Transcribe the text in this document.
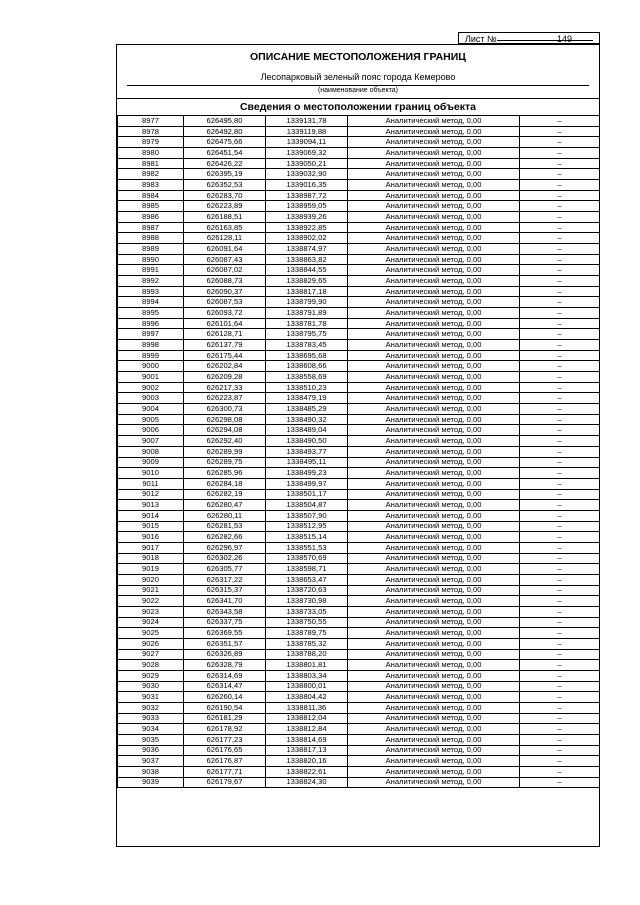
Лист №	149
ОПИСАНИЕ МЕСТОПОЛОЖЕНИЯ ГРАНИЦ
Лесопарковый зеленый пояс города Кемерово
(наименование объекта)
Сведения о местоположении границ объекта
8977	626495,80	1339131,78	Аналитический метод, 0,00	–
8978	626492,80	1339119,88	Аналитический метод, 0,00	–
8979	626475,66	1339094,11	Аналитический метод, 0,00	–
8980	626451,54	1339069,32	Аналитический метод, 0,00	–
8981	626426,22	1339050,21	Аналитический метод, 0,00	–
8982	626395,19	1339032,90	Аналитический метод, 0,00	–
8983	626352,53	1339016,35	Аналитический метод, 0,00	–
8984	626283,70	1338987,72	Аналитический метод, 0,00	–
8985	626223,89	1338959,05	Аналитический метод, 0,00	–
8986	626188,51	1338939,26	Аналитический метод, 0,00	–
8987	626163,85	1338922,85	Аналитический метод, 0,00	–
8988	626128,11	1338902,02	Аналитический метод, 0,00	–
8989	626091,64	1338874,97	Аналитический метод, 0,00	–
8990	626087,43	1338863,82	Аналитический метод, 0,00	–
8991	626087,02	1338844,55	Аналитический метод, 0,00	–
8992	626088,73	1338829,65	Аналитический метод, 0,00	–
8993	626090,37	1338817,18	Аналитический метод, 0,00	–
8994	626087,53	1338799,90	Аналитический метод, 0,00	–
8995	626093,72	1338791,89	Аналитический метод, 0,00	–
8996	626101,64	1338781,78	Аналитический метод, 0,00	–
8997	626128,71	1338795,75	Аналитический метод, 0,00	–
8998	626137,79	1338783,45	Аналитический метод, 0,00	–
8999	626175,44	1338695,68	Аналитический метод, 0,00	–
9000	626202,84	1338608,66	Аналитический метод, 0,00	–
9001	626209,28	1338558,69	Аналитический метод, 0,00	–
9002	626217,33	1338510,23	Аналитический метод, 0,00	–
9003	626223,87	1338479,19	Аналитический метод, 0,00	–
9004	626300,73	1338485,29	Аналитический метод, 0,00	–
9005	626298,08	1338490,32	Аналитический метод, 0,00	–
9006	626294,08	1338489,04	Аналитический метод, 0,00	–
9007	626292,40	1338490,50	Аналитический метод, 0,00	–
9008	626289,99	1338493,77	Аналитический метод, 0,00	–
9009	626289,75	1338495,11	Аналитический метод, 0,00	–
9010	626285,96	1338499,23	Аналитический метод, 0,00	–
9011	626284,18	1338499,97	Аналитический метод, 0,00	–
9012	626282,19	1338501,17	Аналитический метод, 0,00	–
9013	626280,47	1338504,87	Аналитический метод, 0,00	–
9014	626280,11	1338507,90	Аналитический метод, 0,00	–
9015	626281,53	1338512,95	Аналитический метод, 0,00	–
9016	626282,66	1338515,14	Аналитический метод, 0,00	–
9017	626296,97	1338551,53	Аналитический метод, 0,00	–
9018	626302,26	1338570,69	Аналитический метод, 0,00	–
9019	626305,77	1338598,71	Аналитический метод, 0,00	–
9020	626317,22	1338653,47	Аналитический метод, 0,00	–
9021	626315,37	1338720,63	Аналитический метод, 0,00	–
9022	626341,70	1338730,98	Аналитический метод, 0,00	–
9023	626343,58	1338733,05	Аналитический метод, 0,00	–
9024	626337,75	1338750,55	Аналитический метод, 0,00	–
9025	626369,55	1338789,75	Аналитический метод, 0,00	–
9026	626351,57	1338785,32	Аналитический метод, 0,00	–
9027	626326,89	1338788,20	Аналитический метод, 0,00	–
9028	626328,79	1338801,81	Аналитический метод, 0,00	–
9029	626314,69	1338803,34	Аналитический метод, 0,00	–
9030	626314,47	1338800,01	Аналитический метод, 0,00	–
9031	626260,14	1338804,42	Аналитический метод, 0,00	–
9032	626190,54	1338811,36	Аналитический метод, 0,00	–
9033	626181,29	1338812,04	Аналитический метод, 0,00	–
9034	626178,92	1338812,84	Аналитический метод, 0,00	–
9035	626177,23	1338814,69	Аналитический метод, 0,00	–
9036	626176,65	1338817,13	Аналитический метод, 0,00	–
9037	626176,87	1338820,16	Аналитический метод, 0,00	–
9038	626177,71	1338822,61	Аналитический метод, 0,00	–
9039	626179,67	1338824,30	Аналитический метод, 0,00	–
